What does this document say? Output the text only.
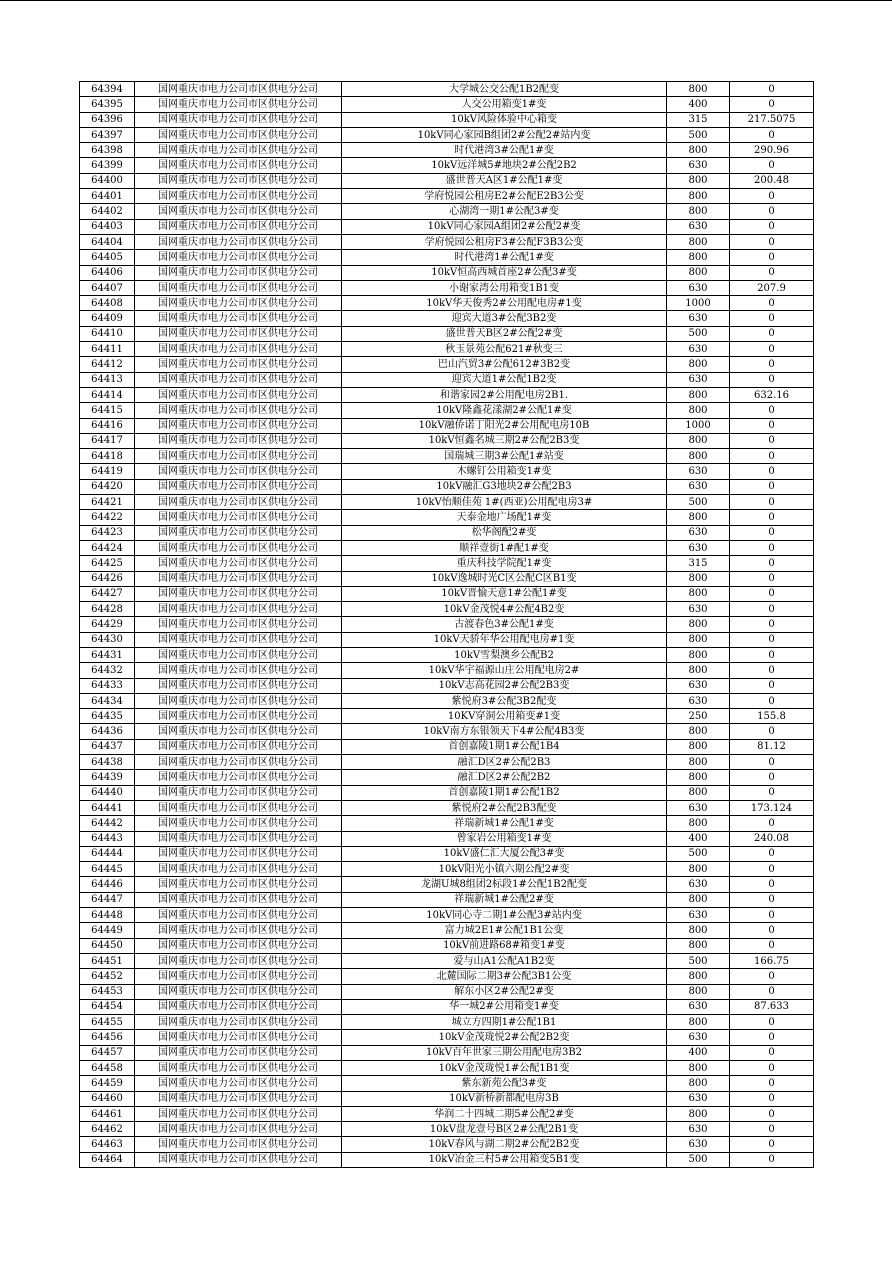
64394	国网重庆市电力公司市区供电分公司	大学城公交公配1B2配变	800	0
64395	国网重庆市电力公司市区供电分公司	人交公用箱变1#变	400	0
64396	国网重庆市电力公司市区供电分公司	10kV风险体验中心箱变	315	217.5075
64397	国网重庆市电力公司市区供电分公司	10kV同心家园B组团2#公配2#站内变	500	0
64398	国网重庆市电力公司市区供电分公司	时代港湾3#公配1#变	800	290.96
64399	国网重庆市电力公司市区供电分公司	10kV远洋城5#地块2#公配2B2	630	0
64400	国网重庆市电力公司市区供电分公司	盛世普天A区1#公配1#变	800	200.48
64401	国网重庆市电力公司市区供电分公司	学府悦园公租房E2#公配E2B3公变	800	0
64402	国网重庆市电力公司市区供电分公司	心湖湾一期1#公配3#变	800	0
64403	国网重庆市电力公司市区供电分公司	10kV同心家园A组团2#公配2#变	630	0
64404	国网重庆市电力公司市区供电分公司	学府悦园公租房F3#公配F3B3公变	800	0
64405	国网重庆市电力公司市区供电分公司	时代港湾1#公配1#变	800	0
64406	国网重庆市电力公司市区供电分公司	10kV恒高西城首座2#公配3#变	800	0
64407	国网重庆市电力公司市区供电分公司	小谢家湾公用箱变1B1变	630	207.9
64408	国网重庆市电力公司市区供电分公司	10kV华天俊秀2#公用配电房#1变	1000	0
64409	国网重庆市电力公司市区供电分公司	迎宾大道3#公配3B2变	630	0
64410	国网重庆市电力公司市区供电分公司	盛世普天B区2#公配2#变	500	0
64411	国网重庆市电力公司市区供电分公司	秋玉景苑公配621#秋变三	630	0
64412	国网重庆市电力公司市区供电分公司	巴山汽贸3#公配612#3B2变	800	0
64413	国网重庆市电力公司市区供电分公司	迎宾大道1#公配1B2变	630	0
64414	国网重庆市电力公司市区供电分公司	和谐家园2#公用配电房2B1.	800	632.16
64415	国网重庆市电力公司市区供电分公司	10kV隆鑫花漾湖2#公配1#变	800	0
64416	国网重庆市电力公司市区供电分公司	10kV融侨诺丁阳光2#公用配电房10B	1000	0
64417	国网重庆市电力公司市区供电分公司	10kV恒鑫名城三期2#公配2B3变	800	0
64418	国网重庆市电力公司市区供电分公司	国瑞城三期3#公配1#站变	800	0
64419	国网重庆市电力公司市区供电分公司	木螺钉公用箱变1#变	630	0
64420	国网重庆市电力公司市区供电分公司	10kV融汇G3地块2#公配2B3	630	0
64421	国网重庆市电力公司市区供电分公司	10kV怡顺佳苑 1#(西亚)公用配电房3#	500	0
64422	国网重庆市电力公司市区供电分公司	天泰金地广场配1#变	800	0
64423	国网重庆市电力公司市区供电分公司	松华阁配2#变	630	0
64424	国网重庆市电力公司市区供电分公司	顺祥壹街1#配1#变	630	0
64425	国网重庆市电力公司市区供电分公司	重庆科技学院配1#变	315	0
64426	国网重庆市电力公司市区供电分公司	10kV逸城时光C区公配C区B1变	800	0
64427	国网重庆市电力公司市区供电分公司	10kV晋愉天意1#公配1#变	800	0
64428	国网重庆市电力公司市区供电分公司	10kV金茂悦4#公配4B2变	630	0
64429	国网重庆市电力公司市区供电分公司	古渡春色3#公配1#变	800	0
64430	国网重庆市电力公司市区供电分公司	10kV天骄年华公用配电房#1变	800	0
64431	国网重庆市电力公司市区供电分公司	10kV雪梨澳乡公配B2	800	0
64432	国网重庆市电力公司市区供电分公司	10kV华宇福源山庄公用配电房2#	800	0
64433	国网重庆市电力公司市区供电分公司	10kV志高花园2#公配2B3变	630	0
64434	国网重庆市电力公司市区供电分公司	紫悦府3#公配3B2配变	630	0
64435	国网重庆市电力公司市区供电分公司	10KV穿洞公用箱变#1变	250	155.8
64436	国网重庆市电力公司市区供电分公司	10kV南方东银领天下4#公配4B3变	800	0
64437	国网重庆市电力公司市区供电分公司	首创嘉陵1期1#公配1B4	800	81.12
64438	国网重庆市电力公司市区供电分公司	融汇D区2#公配2B3	800	0
64439	国网重庆市电力公司市区供电分公司	融汇D区2#公配2B2	800	0
64440	国网重庆市电力公司市区供电分公司	首创嘉陵1期1#公配1B2	800	0
64441	国网重庆市电力公司市区供电分公司	紫悦府2#公配2B3配变	630	173.124
64442	国网重庆市电力公司市区供电分公司	祥瑞新城1#公配1#变	800	0
64443	国网重庆市电力公司市区供电分公司	曾家岩公用箱变1#变	400	240.08
64444	国网重庆市电力公司市区供电分公司	10kV盛仁汇大厦公配3#变	500	0
64445	国网重庆市电力公司市区供电分公司	10kV阳光小镇六期公配2#变	800	0
64446	国网重庆市电力公司市区供电分公司	龙湖U城8组团2标段1#公配1B2配变	630	0
64447	国网重庆市电力公司市区供电分公司	祥瑞新城1#公配2#变	800	0
64448	国网重庆市电力公司市区供电分公司	10kV同心寺二期1#公配3#站内变	630	0
64449	国网重庆市电力公司市区供电分公司	富力城2E1#公配1B1公变	800	0
64450	国网重庆市电力公司市区供电分公司	10kV前进路68#箱变1#变	800	0
64451	国网重庆市电力公司市区供电分公司	爱与山A1公配A1B2变	500	166.75
64452	国网重庆市电力公司市区供电分公司	北麓国际二期3#公配3B1公变	800	0
64453	国网重庆市电力公司市区供电分公司	解东小区2#公配2#变	800	0
64454	国网重庆市电力公司市区供电分公司	华一城2#公用箱变1#变	630	87.633
64455	国网重庆市电力公司市区供电分公司	城立方四期1#公配1B1	800	0
64456	国网重庆市电力公司市区供电分公司	10kV金茂珑悦2#公配2B2变	630	0
64457	国网重庆市电力公司市区供电分公司	10kV百年世家三期公用配电房3B2	400	0
64458	国网重庆市电力公司市区供电分公司	10kV金茂珑悦1#公配1B1变	800	0
64459	国网重庆市电力公司市区供电分公司	紫东新苑公配3#变	800	0
64460	国网重庆市电力公司市区供电分公司	10kV新桥新都配电房3B	630	0
64461	国网重庆市电力公司市区供电分公司	华润二十四城二期5#公配2#变	800	0
64462	国网重庆市电力公司市区供电分公司	10kV盘龙壹号B区2#公配2B1变	630	0
64463	国网重庆市电力公司市区供电分公司	10kV春风与湖二期2#公配2B2变	630	0
64464	国网重庆市电力公司市区供电分公司	10kV冶金三村5#公用箱变5B1变	500	0
